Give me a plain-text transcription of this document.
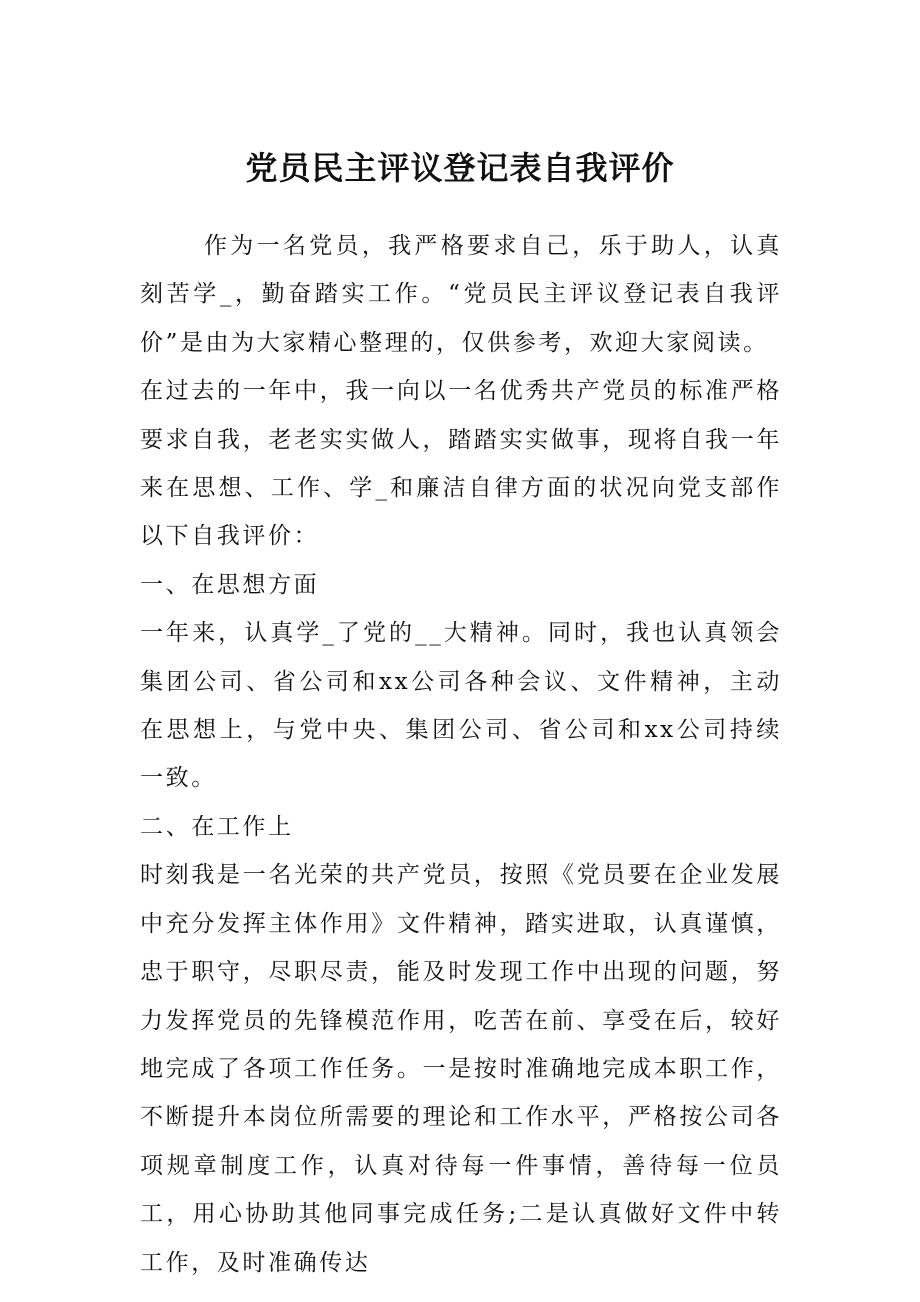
党员民主评议登记表自我评价

作为一名党员，我严格要求自己，乐于助人，认真刻苦学_，勤奋踏实工作。“党员民主评议登记表自我评价”是由为大家精心整理的，仅供参考，欢迎大家阅读。

在过去的一年中，我一向以一名优秀共产党员的标准严格要求自我，老老实实做人，踏踏实实做事，现将自我一年来在思想、工作、学_和廉洁自律方面的状况向党支部作以下自我评价：

一、在思想方面

一年来，认真学_了党的__大精神。同时，我也认真领会集团公司、省公司和xx公司各种会议、文件精神，主动在思想上，与党中央、集团公司、省公司和xx公司持续一致。

二、在工作上

时刻我是一名光荣的共产党员，按照《党员要在企业发展中充分发挥主体作用》文件精神，踏实进取，认真谨慎，忠于职守，尽职尽责，能及时发现工作中出现的问题，努力发挥党员的先锋模范作用，吃苦在前、享受在后，较好地完成了各项工作任务。一是按时准确地完成本职工作，不断提升本岗位所需要的理论和工作水平，严格按公司各项规章制度工作，认真对待每一件事情，善待每一位员工，用心协助其他同事完成任务;二是认真做好文件中转工作，及时准确传达
